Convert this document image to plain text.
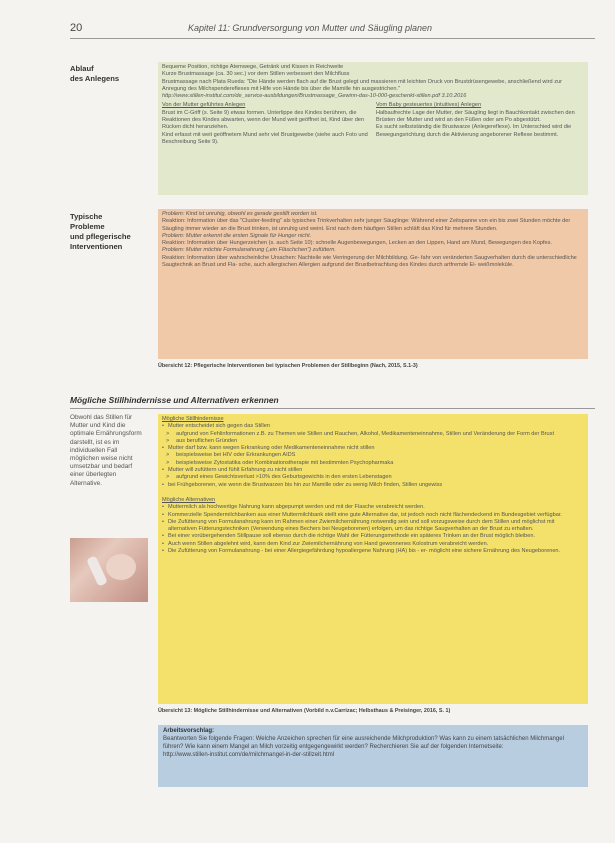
20	Kapitel 11: Grundversorgung von Mutter und Säugling planen
Ablauf
des Anlegens
Bequeme Position, richtige Atemwege, Getränk und Kissen in Reichweite
Kurze Brustmassage (ca. 30 sec.) vor dem Stillen verbessert den Milchfluss
Brustmassage nach Plata Rueda: "Die Hände werden flach auf die Brust gelegt und massieren mit leichten Druck von Brustdrüsengewebe, anschließend wird zur Anregung des Milchspendereflexes mit Hilfe von Hände bis über die Mamille hin ausgestrichen."
http://www.stillen-institut.com/de_service-ausbildungen/Brustmassage_Gewinn-das-10-000-geschenkt-stillen.pdf 3.10.2016
Von der Mutter geführtes Anlegen
Brust im C-Griff (s. Seite 9) etwas formen. Unterlippe des Kindes berühren, die Reaktionen des Kindes abwarten, wenn der Mund weit geöffnet ist, Kind über den Rücken dicht heranziehen.
Kind erfasst mit weit geöffnetem Mund sehr viel Brustgewebe (siehe auch Foto und Beschreibung Seite 9).
Vom Baby gesteuertes (intuitives) Anlegen
Halbaufrechte Lage der Mutter, der Säugling liegt in Bauchkontakt zwischen den Brüsten der Mutter und wird an den Füßen oder am Po abgestützt.
Es sucht selbstständig die Brustwarze (Anlegereflexe). Im Unterschied wird die Bewegungsrichtung durch die Aktivierung angeborener Reflexe bestimmt.
Typische
Probleme
und pflegerische
Interventionen
Problem: Kind ist unruhig, obwohl es gerade gestillt worden ist.
Reaktion: Information über das "Cluster-feeding" als typisches Trinkverhalten sehr junger Säuglinge: Während einer Zeitspanne von ein bis zwei Stunden möchte der Säugling immer wieder an die Brust trinken, ist unruhig und weint. Erst nach dem häufigen Stillen schläft das Kind für mehrere Stunden.
Problem: Mutter erkennt die ersten Signale für Hunger nicht.
Reaktion: Information über Hungerzeichen (s. auch Seite 10): schnelle Augenbewegungen, Lecken an den Lippen, Hand am Mund, Bewegungen des Kopfes.
Problem: Mutter möchte Formulanahrung („ein Fläschchen") zufüttern.
Reaktion: Information über wahrscheinliche Ursachen: Nachteile wie Verringerung der Milchbildung. Ge- fahr von veränderten Saugverhalten durch die unterschiedliche Saugtechnik an Brust und Fla- sche, auch allergischen Allergien aufgrund der Brustbetrachtung des Kindes durch artfremde Ei- weißmoleküle.
Übersicht 12: Pflegerische Interventionen bei typischen Problemen der Stillbeginn (Nach, 2015, S.1-3)
Mögliche Stillhindernisse und Alternativen erkennen
Obwohl das Stillen für Mutter und Kind die optimale Ernährungsform darstellt, ist es im individuellen Fall möglichen weise nicht umsetzbar und bedarf einer überlegten Alternative.
Mögliche Stillhindernisse
• Mutter entscheidet sich gegen das Stillen
> aufgrund von Fehlinformationen z.B. zu Themen wie Stillen und Rauchen, Alkohol, Medikamenteneinnahme, Stillen und Veränderung der Form der Brust
> aus beruflichen Gründen
• Mutter darf bzw. kann wegen Erkrankung oder Medikamenteneinnahme nicht stillen
> beispielsweise bei HIV oder Erkrankungen AIDS
> beispielsweise Zytostatika oder Kombinationstherapie mit bestimmten Psychopharmaka
• Mutter will zufüttern und fühlt Erfahrung zu nicht stillen
> aufgrund eines Gewichtsverlust >10% des Geburtsgewichts in den ersten Lebenstagen
• bei Frühgeborenen, wie wenn die Brustwarzen bis hin zur Mamille oder zu wenig Milch finden, Stillen ungewiss
Mögliche Alternativen
• Muttermilch als hochwertige Nahrung kann abgepumpt werden und mit der Flasche verabreicht werden.
• Kommerzielle Spendermilchbanken aus einer Muttermilchbank stellt eine gute Alternative dar, ist jedoch noch nicht flächendeckend im Bundesgebiet verfügbar.
• Die Zufütterung von Formulanahrung kann im Rahmen einer Zwiemilchernährung notwendig sein und soll vorzugsweise durch dem Stillen und möglichst mit alternativen Fütterungstechniken (Verwendung eines Bechers bei Neugeborenen) erfolgen, um das richtige Saugverhalten an der Brust zu erhalten.
• Bei einer vorübergehenden Stillpause soll ebenso durch die richtige Wahl der Fütterungsmethode ein späteres Trinken an der Brust möglich bleiben.
• Auch wenn Stillen abgelehnt wird, kann dem Kind zur Zwiemilchernährung von Hand gewonnenes Kolostrum verabreicht werden.
• Die Zufütterung von Formulanahrung - bei einer Allergiegefährdung hypoallergene Nahrung (HA) bis - er- möglicht eine sichere Ernährung des Neugeborenen.
Übersicht 13: Mögliche Stillhindernisse und Alternativen (Vorbild n.v.Carrizac; Helbsthaus & Preisinger, 2016, S. 1)
Arbeitsvorschlag:
Beantworten Sie folgende Fragen: Welche Anzeichen sprechen für eine ausreichende Milchproduktion? Was kann zu einem tatsächlichen Milchmangel führen? Wie kann einem Mangel an Milch vorzeitig entgegengewirkt werden? Recherchieren Sie auf der folgenden Internetseite:
http://www.stillen-institut.com/de/milchmangel-in-der-stillzeit.html
